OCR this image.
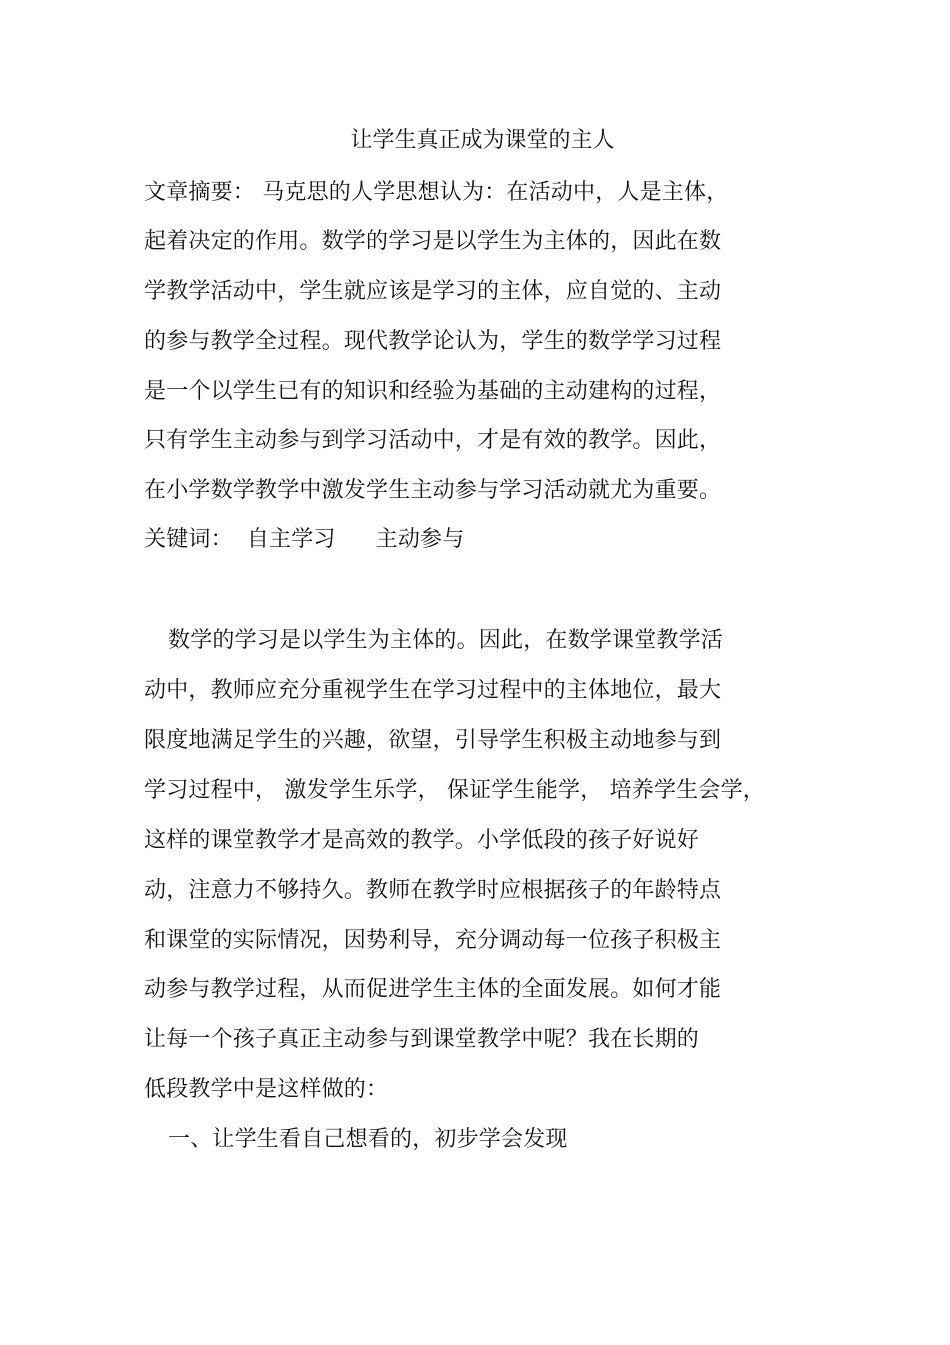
让学生真正成为课堂的主人
文章摘要： 马克思的人学思想认为：在活动中，人是主体，
起着决定的作用。数学的学习是以学生为主体的，因此在数
学教学活动中，学生就应该是学习的主体，应自觉的、主动
的参与教学全过程。现代教学论认为，学生的数学学习过程
是一个以学生已有的知识和经验为基础的主动建构的过程，
只有学生主动参与到学习活动中，才是有效的教学。因此，
在小学数学教学中激发学生主动参与学习活动就尤为重要。
关键词： 自主学习 主动参与
数学的学习是以学生为主体的。因此，在数学课堂教学活
动中，教师应充分重视学生在学习过程中的主体地位，最大
限度地满足学生的兴趣，欲望，引导学生积极主动地参与到
学习过程中， 激发学生乐学， 保证学生能学， 培养学生会学，
这样的课堂教学才是高效的教学。小学低段的孩子好说好
动，注意力不够持久。教师在教学时应根据孩子的年龄特点
和课堂的实际情况，因势利导，充分调动每一位孩子积极主
动参与教学过程，从而促进学生主体的全面发展。如何才能
让每一个孩子真正主动参与到课堂教学中呢？我在长期的
低段教学中是这样做的：
一、让学生看自己想看的，初步学会发现
